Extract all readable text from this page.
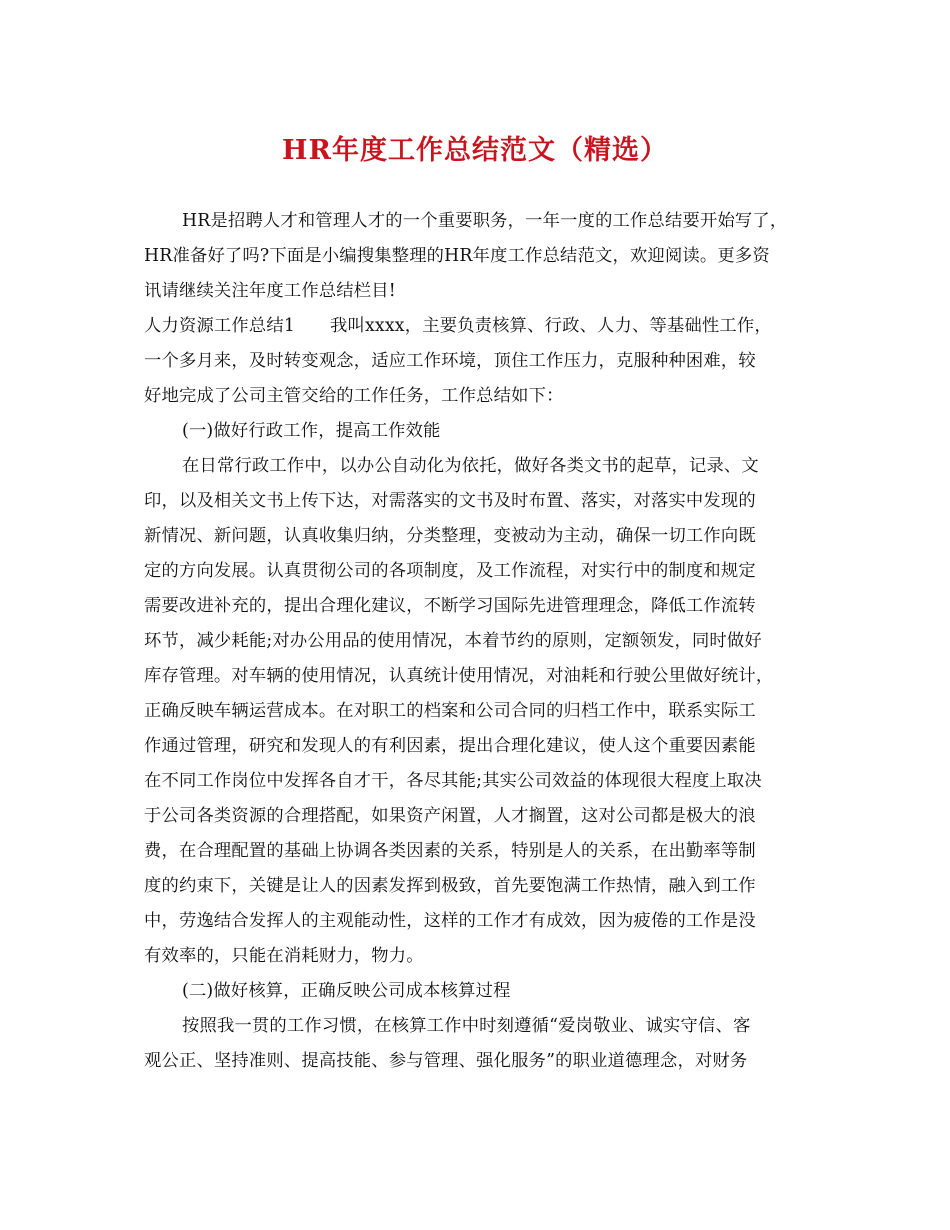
HR年度工作总结范文（精选）
HR是招聘人才和管理人才的一个重要职务，一年一度的工作总结要开始写了，
HR准备好了吗?下面是小编搜集整理的HR年度工作总结范文，欢迎阅读。更多资
讯请继续关注年度工作总结栏目!
人力资源工作总结1　　我叫xxxx，主要负责核算、行政、人力、等基础性工作，
一个多月来，及时转变观念，适应工作环境，顶住工作压力，克服种种困难，较
好地完成了公司主管交给的工作任务，工作总结如下：
(一)做好行政工作，提高工作效能
在日常行政工作中，以办公自动化为依托，做好各类文书的起草，记录、文
印，以及相关文书上传下达，对需落实的文书及时布置、落实，对落实中发现的
新情况、新问题，认真收集归纳，分类整理，变被动为主动，确保一切工作向既
定的方向发展。认真贯彻公司的各项制度，及工作流程，对实行中的制度和规定
需要改进补充的，提出合理化建议，不断学习国际先进管理理念，降低工作流转
环节，减少耗能;对办公用品的使用情况，本着节约的原则，定额领发，同时做好
库存管理。对车辆的使用情况，认真统计使用情况，对油耗和行驶公里做好统计，
正确反映车辆运营成本。在对职工的档案和公司合同的归档工作中，联系实际工
作通过管理，研究和发现人的有利因素，提出合理化建议，使人这个重要因素能
在不同工作岗位中发挥各自才干，各尽其能;其实公司效益的体现很大程度上取决
于公司各类资源的合理搭配，如果资产闲置，人才搁置，这对公司都是极大的浪
费，在合理配置的基础上协调各类因素的关系，特别是人的关系，在出勤率等制
度的约束下，关键是让人的因素发挥到极致，首先要饱满工作热情，融入到工作
中，劳逸结合发挥人的主观能动性，这样的工作才有成效，因为疲倦的工作是没
有效率的，只能在消耗财力，物力。
(二)做好核算，正确反映公司成本核算过程
按照我一贯的工作习惯，在核算工作中时刻遵循“爱岗敬业、诚实守信、客
观公正、坚持准则、提高技能、参与管理、强化服务”的职业道德理念，对财务
